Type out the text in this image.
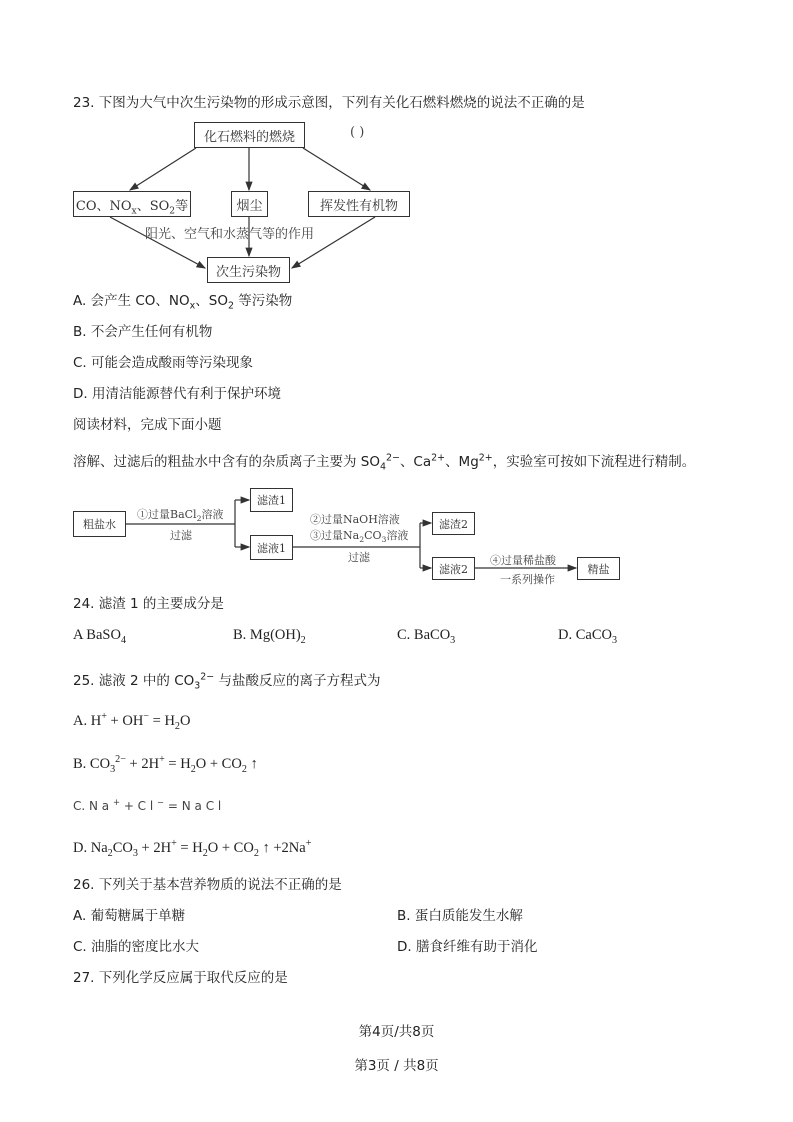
23. 下图为大气中次生污染物的形成示意图，下列有关化石燃料燃烧的说法不正确的是
化石燃料的燃烧	( )
CO、$NO_x$、$SO_2$等	烟尘	挥发性有机物
阳光、空气和水蒸气等的作用
次生污染物
A. 会产生 CO、$NO_x$、$SO_2$ 等污染物
B. 不会产生任何有机物
C. 可能会造成酸雨等污染现象
D. 用清洁能源替代有利于保护环境
阅读材料，完成下面小题
溶解、过滤后的粗盐水中含有的杂质离子主要为 $SO_4^{2-}$、$Ca^{2+}$、$Mg^{2+}$，实验室可按如下流程进行精制。
粗盐水
①过量BaCl$_2$溶液
过滤
滤渣1
滤液1
②过量NaOH溶液
③过量$Na_2CO_3$溶液
过滤
滤渣2
滤液2
④过量稀盐酸
一系列操作
精盐
24. 滤渣 1 的主要成分是
A BaSO$_4$	B. $Mg(OH)_2$	C. BaCO$_3$	D. CaCO$_3$
25. 滤液 2 中的 $CO_3^{2-}$ 与盐酸反应的离子方程式为
A. $H^+ + OH^- = H_2O$
B. $CO_3^{2-} + 2H^+ = H_2O + CO_2$ ↑
C. N a + + C l − = N a C l
D. $Na_2CO_3 + 2H^+ = H_2O + CO_2$ ↑ +2Na+
26. 下列关于基本营养物质的说法不正确的是
A. 葡萄糖属于单糖	B. 蛋白质能发生水解
C. 油脂的密度比水大	D. 膳食纤维有助于消化
27. 下列化学反应属于取代反应的是
第4页/共8页
第3页 / 共8页
